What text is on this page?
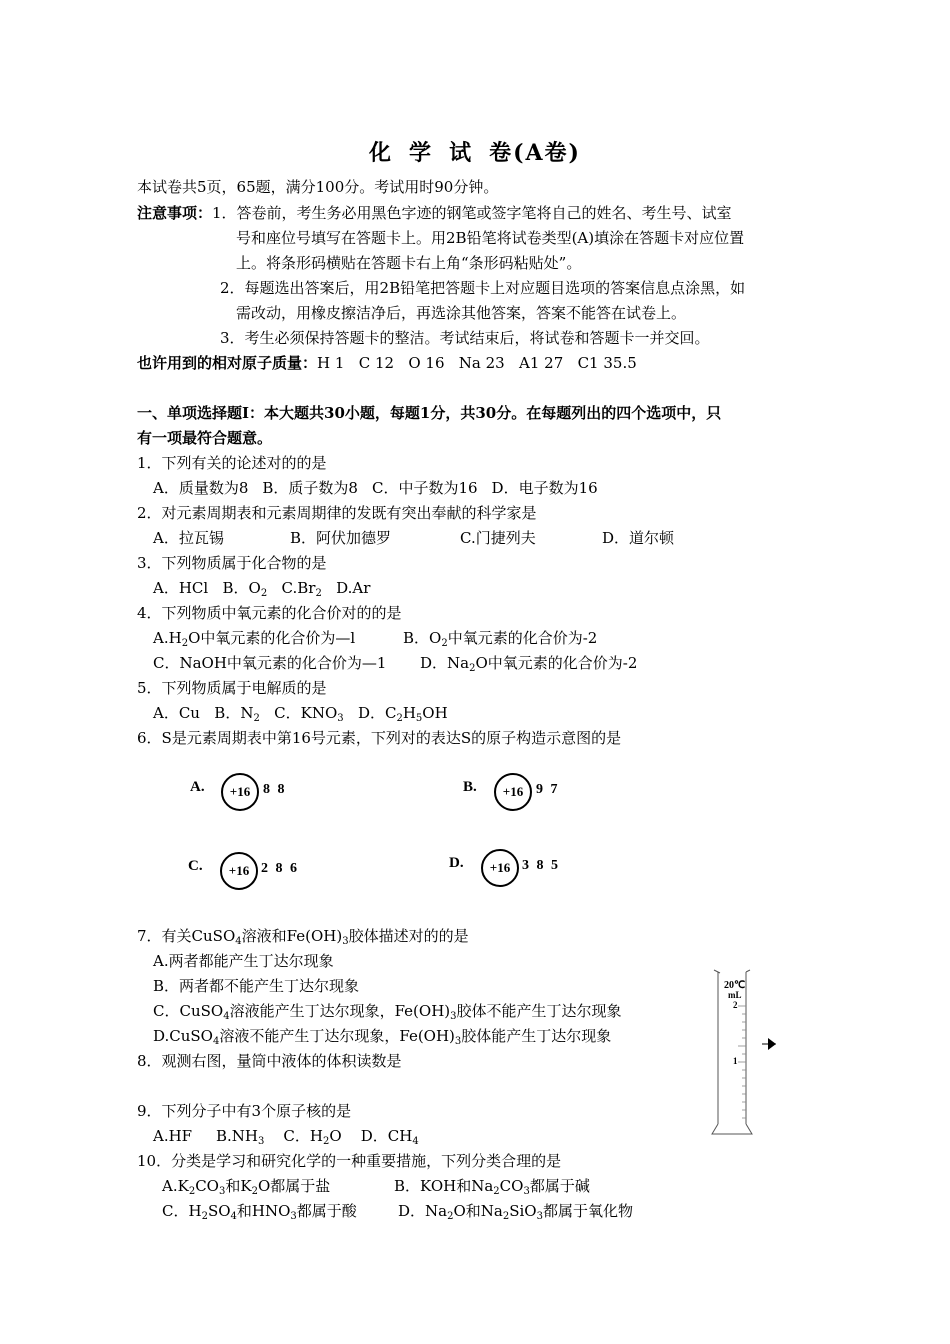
化 学 试 卷(A卷)
本试卷共5页，65题，满分100分。考试用时90分钟。
注意事项：1．答卷前，考生务必用黑色字迹的钢笔或签字笔将自己的姓名、考生号、试室
号和座位号填写在答题卡上。用2B铅笔将试卷类型(A)填涂在答题卡对应位置
上。将条形码横贴在答题卡右上角“条形码粘贴处”。
2．每题选出答案后，用2B铅笔把答题卡上对应题目选项的答案信息点涂黑，如
需改动，用橡皮擦洁净后，再选涂其他答案，答案不能答在试卷上。
3．考生必须保持答题卡的整洁。考试结束后，将试卷和答题卡一并交回。
也许用到的相对原子质量：H 1   C 12   O 16   Na 23   A1 27   C1 35.5
一、单项选择题Ⅰ：本大题共30小题，每题1分，共30分。在每题列出的四个选项中，只
有一项最符合题意。
1．下列有关的论述对的的是
A．质量数为8 B．质子数为8 C．中子数为16 D．电子数为16
2．对元素周期表和元素周期律的发既有突出奉献的科学家是
A．拉瓦锡	B．阿伏加德罗	C.门捷列夫	D．道尔顿
3．下列物质属于化合物的是
A．HCl B．$O_2$ $C.Br_2$ D.Ar
4．下列物质中氧元素的化合价对的的是
$A.H_2O$中氧元素的化合价为—l	B．$O_2$中氧元素的化合价为-2
C．NaOH中氧元素的化合价为—1 D．$Na_2O$中氧元素的化合价为-2
5．下列物质属于电解质的是
A．Cu B．$N_2$ C．$KNO_3$ D．$C_2H_5OH$
6．S是元素周期表中第16号元素，下列对的表达S的原子构造示意图的是
A.	+16 8 8	B.	+16 9 7
C.	+16 2 8 6	D.	+16 3 8 5
7．有关CuSO$_4$溶液和$Fe(OH)_3$胶体描述对的的是
A.两者都能产生丁达尔现象
B．两者都不能产生丁达尔现象
C．CuSO$_4$溶液能产生丁达尔现象，$Fe(OH)_3$胶体不能产生丁达尔现象
D.CuSO$_4$溶液不能产生丁达尔现象，$Fe(OH)_3$胶体能产生丁达尔现象
8．观测右图，量筒中液体的体积读数是
20℃
mL
2
1
9．下列分子中有3个原子核的是
A.HF $B.NH_3$ C．$H_2O$ D．$CH_4$
10．分类是学习和研究化学的一种重要措施，下列分类合理的是
$A.K_2CO_3$和$K_2O$都属于盐	B．KOH和$Na_2CO_3$都属于碱
C．$H_2SO_4$和$HNO_3$都属于酸	D．$Na_2O$和$Na_2SiO_3$都属于氧化物
